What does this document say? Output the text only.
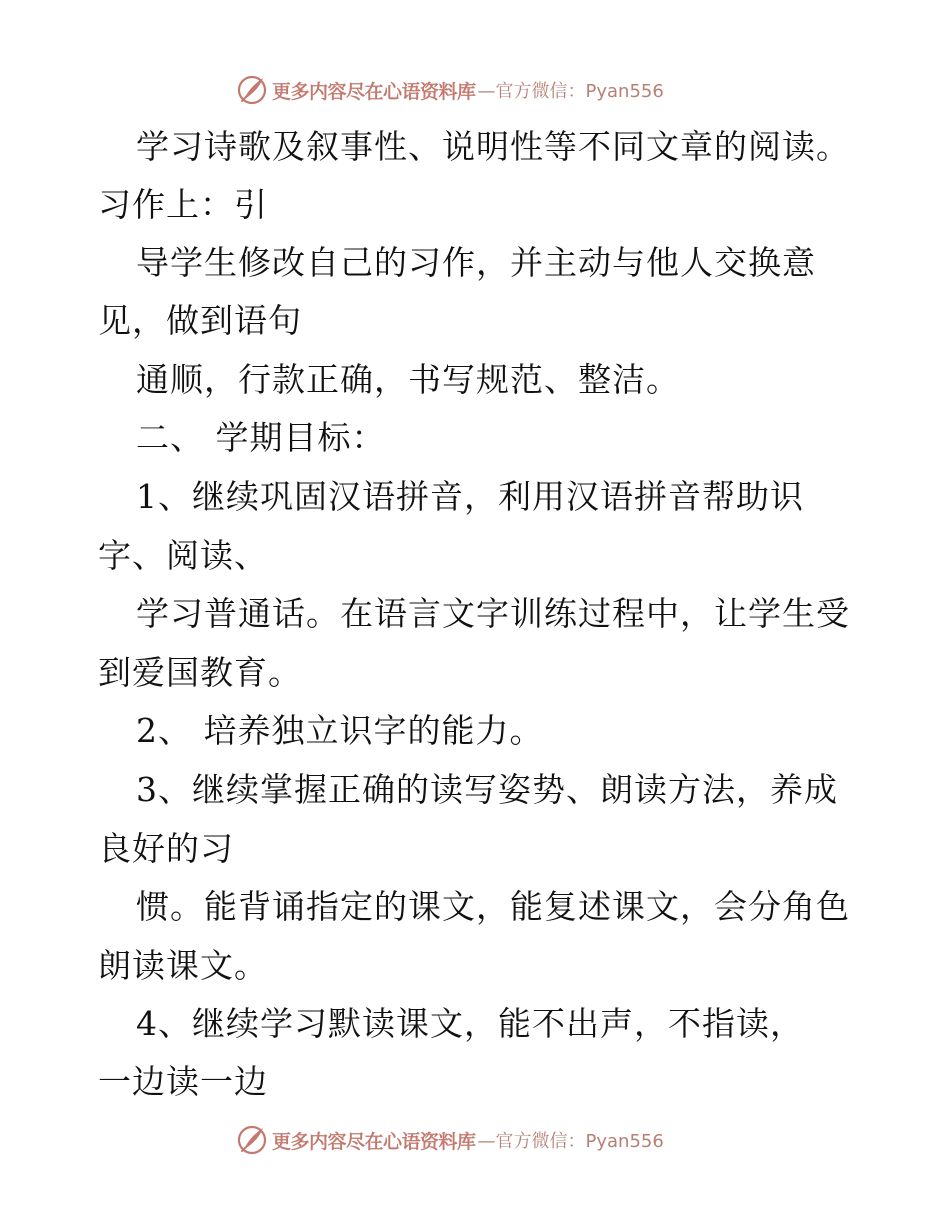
更多内容尽在心语资料库 —官方微信：Pyan556
学习诗歌及叙事性、说明性等不同文章的阅读。
习作上：引
导学生修改自己的习作，并主动与他人交换意
见，做到语句
通顺，行款正确，书写规范、整洁。
二、 学期目标：
1、继续巩固汉语拼音，利用汉语拼音帮助识
字、阅读、
学习普通话。在语言文字训练过程中，让学生受
到爱国教育。
2、 培养独立识字的能力。
3、继续掌握正确的读写姿势、朗读方法，养成
良好的习
惯。能背诵指定的课文，能复述课文，会分角色
朗读课文。
4、继续学习默读课文，能不出声，不指读，
一边读一边
更多内容尽在心语资料库 —官方微信：Pyan556
